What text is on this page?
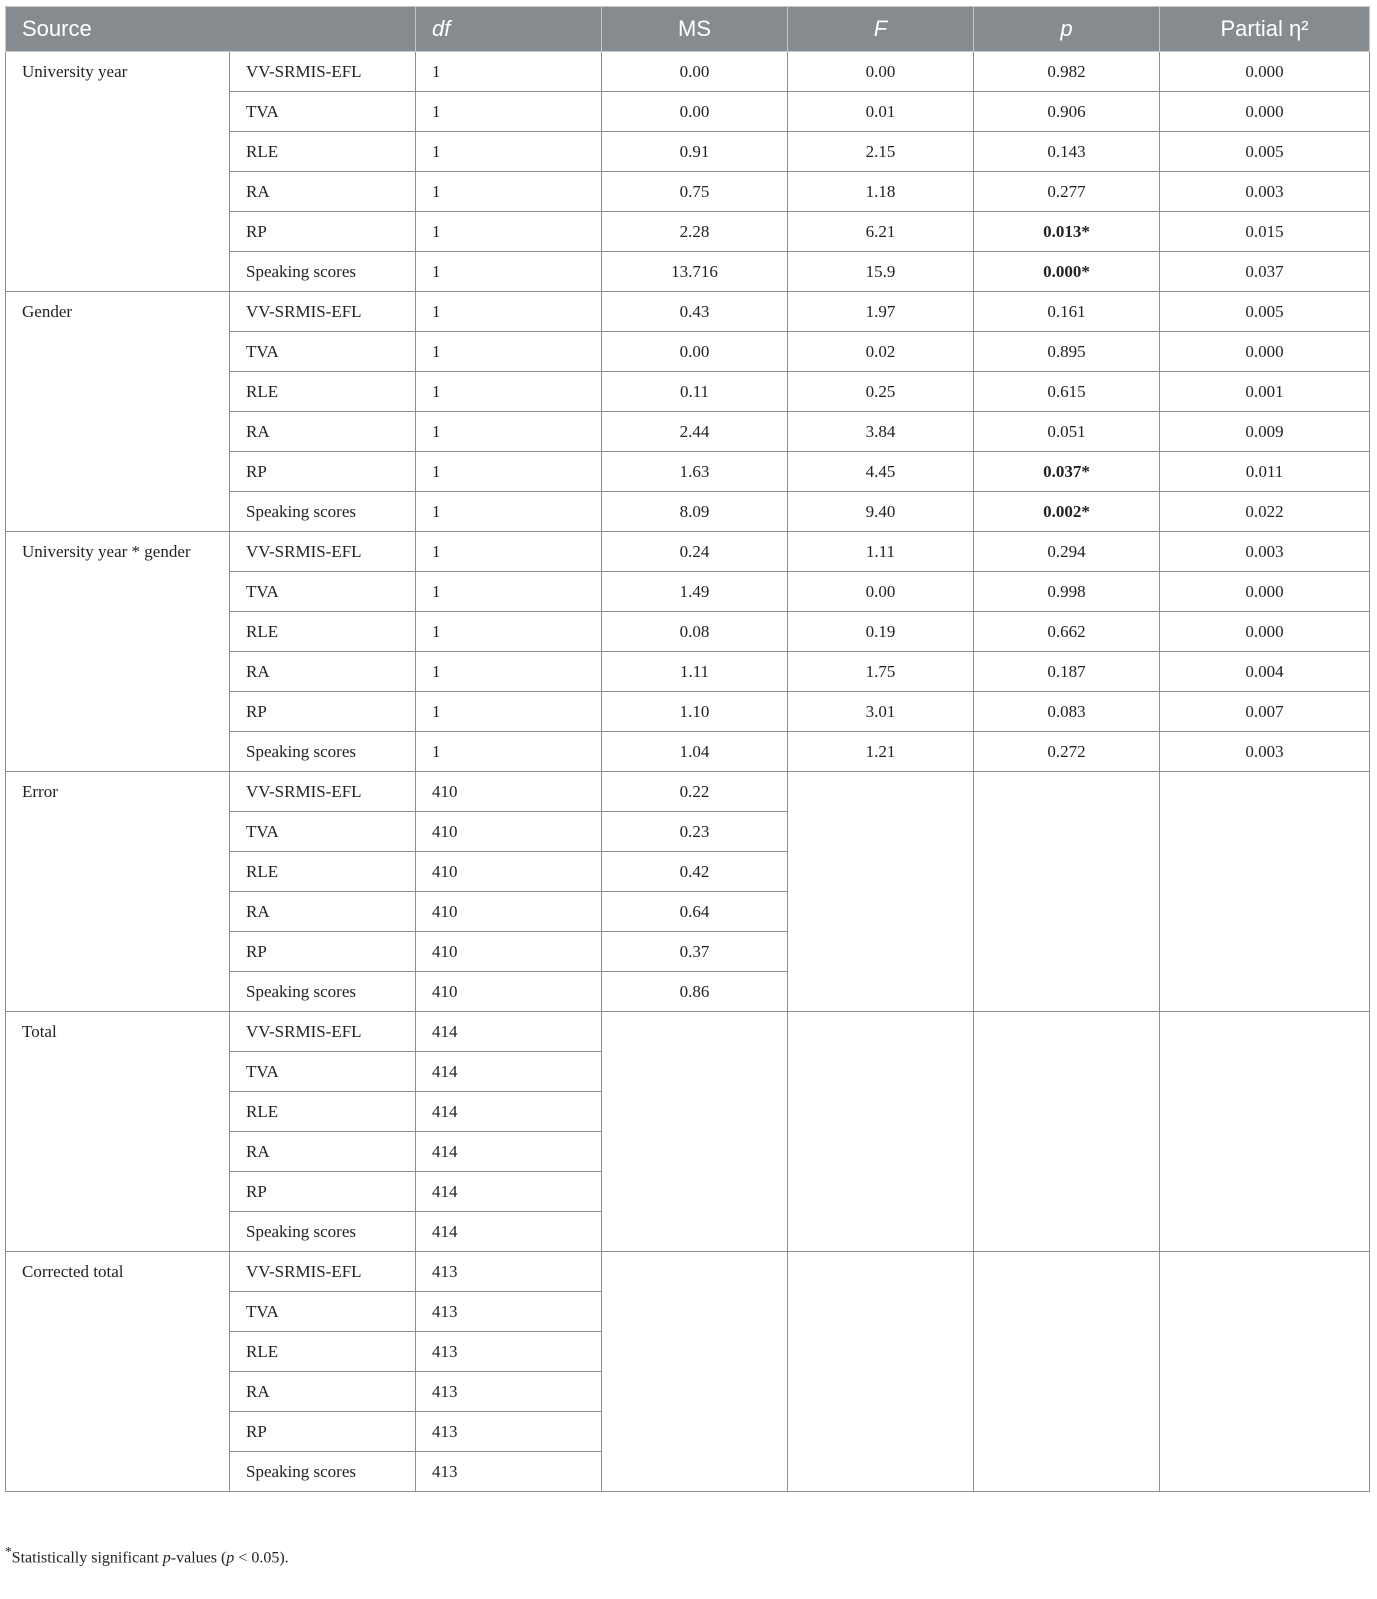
Source		df	MS	F	p	Partial η²
University year	VV-SRMIS-EFL	1	0.00	0.00	0.982	0.000
	TVA	1	0.00	0.01	0.906	0.000
	RLE	1	0.91	2.15	0.143	0.005
	RA	1	0.75	1.18	0.277	0.003
	RP	1	2.28	6.21	0.013*	0.015
	Speaking scores	1	13.716	15.9	0.000*	0.037
Gender	VV-SRMIS-EFL	1	0.43	1.97	0.161	0.005
	TVA	1	0.00	0.02	0.895	0.000
	RLE	1	0.11	0.25	0.615	0.001
	RA	1	2.44	3.84	0.051	0.009
	RP	1	1.63	4.45	0.037*	0.011
	Speaking scores	1	8.09	9.40	0.002*	0.022
University year * gender	VV-SRMIS-EFL	1	0.24	1.11	0.294	0.003
	TVA	1	1.49	0.00	0.998	0.000
	RLE	1	0.08	0.19	0.662	0.000
	RA	1	1.11	1.75	0.187	0.004
	RP	1	1.10	3.01	0.083	0.007
	Speaking scores	1	1.04	1.21	0.272	0.003
Error	VV-SRMIS-EFL	410	0.22			
	TVA	410	0.23			
	RLE	410	0.42			
	RA	410	0.64			
	RP	410	0.37			
	Speaking scores	410	0.86			
Total	VV-SRMIS-EFL	414				
	TVA	414				
	RLE	414				
	RA	414				
	RP	414				
	Speaking scores	414				
Corrected total	VV-SRMIS-EFL	413				
	TVA	413				
	RLE	413				
	RA	413				
	RP	413				
	Speaking scores	413				
*Statistically significant p-values (p < 0.05).
